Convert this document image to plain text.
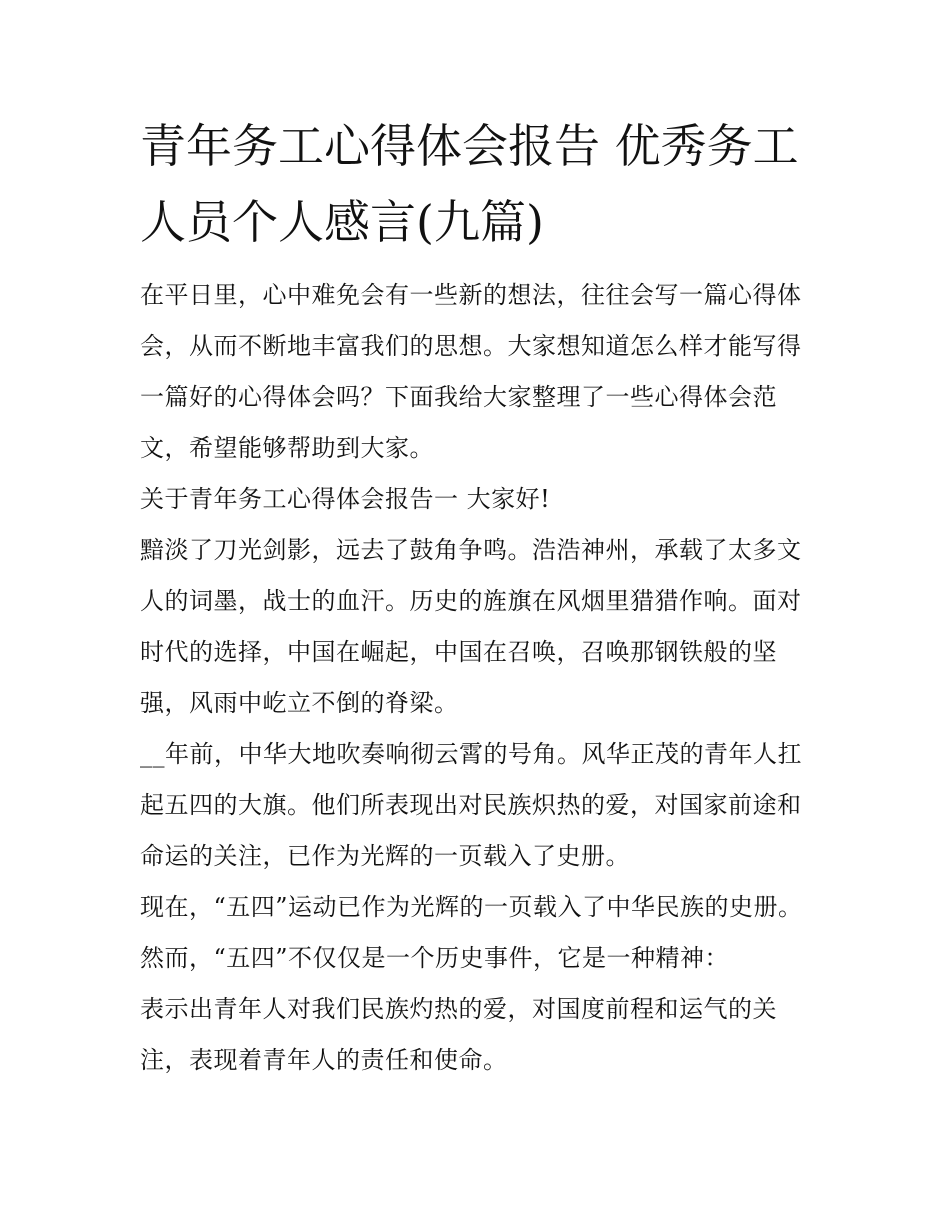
青年务工心得体会报告 优秀务工人员个人感言(九篇)

在平日里，心中难免会有一些新的想法，往往会写一篇心得体会，从而不断地丰富我们的思想。大家想知道怎么样才能写得一篇好的心得体会吗？下面我给大家整理了一些心得体会范文，希望能够帮助到大家。

关于青年务工心得体会报告一 大家好!

黯淡了刀光剑影，远去了鼓角争鸣。浩浩神州，承载了太多文人的词墨，战士的血汗。历史的旌旗在风烟里猎猎作响。面对时代的选择，中国在崛起，中国在召唤，召唤那钢铁般的坚强，风雨中屹立不倒的脊梁。

__年前，中华大地吹奏响彻云霄的号角。风华正茂的青年人扛起五四的大旗。他们所表现出对民族炽热的爱，对国家前途和命运的关注，已作为光辉的一页载入了史册。

现在，“五四”运动已作为光辉的一页载入了中华民族的史册。

然而，“五四”不仅仅是一个历史事件，它是一种精神：

表示出青年人对我们民族灼热的爱，对国度前程和运气的关注，表现着青年人的责任和使命。
